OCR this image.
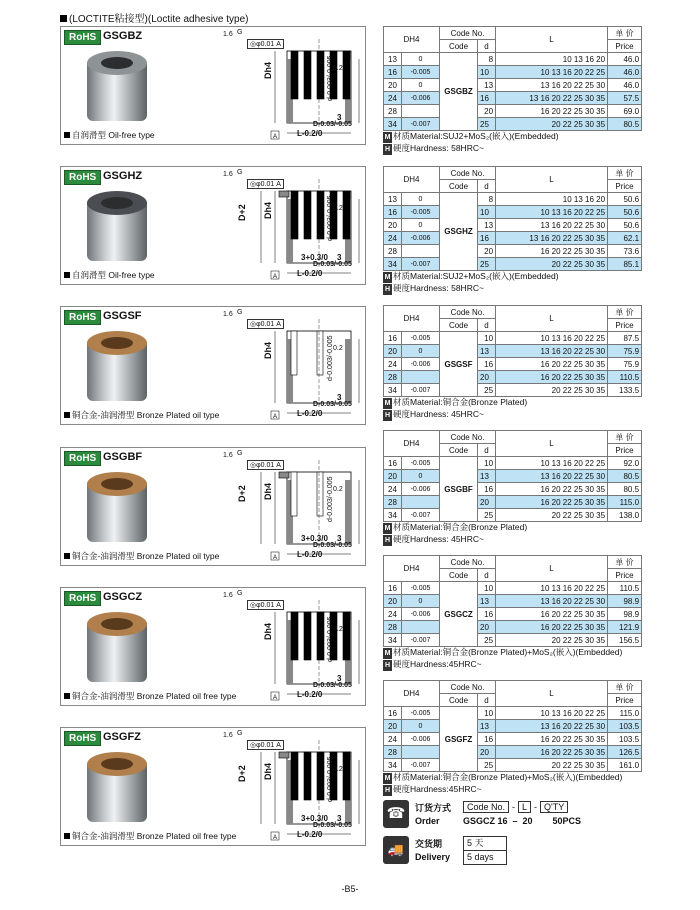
(LOCTITE粘接型)(Loctite adhesive type)
RoHS GSGBZ
A
1.6 G
◎φ0.01 A
Dh4	d-0.003/-0.005 0.2
L-0.2/0
3
D-0.03/-0.05
自润滑型 Oil-free type
RoHS GSGHZ
A
1.6 G
◎φ0.01 A
Dh4	d-0.003/-0.005 0.2
L-0.2/0
3+0.3/0 3
D-0.03/-0.05
D+2
自润滑型 Oil-free type
RoHS GSGSF
A
1.6 G
◎φ0.01 A
Dh4	d-0.003/-0.005 0.2
L-0.2/0
3
D-0.03/-0.05
铜合金-油润滑型 Bronze Plated oil type
RoHS GSGBF
A
1.6 G
◎φ0.01 A
Dh4	d-0.003/-0.005 0.2
L-0.2/0
3+0.3/0 3
D-0.03/-0.05
D+2
铜合金-油润滑型 Bronze Plated oil type
RoHS GSGCZ
A
1.6 G
◎φ0.01 A
Dh4	d-0.003/-0.005 0.2
L-0.2/0
3
D-0.03/-0.05
铜合金-油润滑型 Bronze Plated oil free type
RoHS GSGFZ
A
1.6 G
◎φ0.01 A
Dh4	d-0.003/-0.005 0.2
L-0.2/0
3+0.3/0 3
D-0.03/-0.05
D+2
铜合金-油润滑型 Bronze Plated oil free type
DH4		Code No.		L	单 价
		Code	d		Price
13	0	GSGBZ	8	10 13 16 20	46.0
16	-0.005		10	10 13 16 20 22 25	46.0
20	0		13	13 16 20 22 25 30	46.0
24	-0.006		16	13 16 20 22 25 30 35	57.5
28			20	16 20 22 25 30 35	69.0
34	-0.007		25	20 22 25 30 35	80.5
M 材质Material:SUJ2+MoS₂(嵌入)(Embedded)
H 硬度Hardness: 58HRC~
DH4		Code No.		L	单 价
		Code	d		Price
13	0	GSGHZ	8	10 13 16 20	50.6
16	-0.005		10	10 13 16 20 22 25	50.6
20	0		13	13 16 20 22 25 30	50.6
24	-0.006		16	13 16 20 22 25 30 35	62.1
28			20	16 20 22 25 30 35	73.6
34	-0.007		25	20 22 25 30 35	85.1
M 材质Material:SUJ2+MoS₂(嵌入)(Embedded)
H 硬度Hardness: 58HRC~
DH4		Code No.		L	单 价
		Code	d		Price
16	-0.005	GSGSF	10	10 13 16 20 22 25	87.5
20	0		13	13 16 20 22 25 30	75.9
24	-0.006		16	16 20 22 25 30 35	75.9
28			20	16 20 22 25 30 35	110.5
34	-0.007		25	20 22 25 30 35	133.5
M 材质Material:铜合金(Bronze Plated)
H 硬度Hardness: 45HRC~
DH4		Code No.		L	单 价
		Code	d		Price
16	-0.005	GSGBF	10	10 13 16 20 22 25	92.0
20	0		13	13 16 20 22 25 30	80.5
24	-0.006		16	16 20 22 25 30 35	80.5
28			20	16 20 22 25 30 35	115.0
34	-0.007		25	20 22 25 30 35	138.0
M 材质Material:铜合金(Bronze Plated)
H 硬度Hardness: 45HRC~
DH4		Code No.		L	单 价
		Code	d		Price
16	-0.005	GSGCZ	10	10 13 16 20 22 25	110.5
20	0		13	13 16 20 22 25 30	98.9
24	-0.006		16	16 20 22 25 30 35	98.9
28			20	16 20 22 25 30 35	121.9
34	-0.007		25	20 22 25 30 35	156.5
M 材质Material:铜合金(Bronze Plated)+MoS₂(嵌入)(Embedded)
H 硬度Hardness:45HRC~
DH4		Code No.		L	单 价
		Code	d		Price
16	-0.005	GSGFZ	10	10 13 16 20 22 25	115.0
20	0		13	13 16 20 22 25 30	103.5
24	-0.006		16	16 20 22 25 30 35	103.5
28			20	16 20 22 25 30 35	126.5
34	-0.007		25	20 22 25 30 35	161.0
M 材质Material:铜合金(Bronze Plated)+MoS₂(嵌入)(Embedded)
H 硬度Hardness:45HRC~
☎	订货方式
Order
Code No. - L - Q'TY
GSGCZ 16  –  20        50PCS
🚚	交货期
Delivery
5 天
5 days
-B5-
